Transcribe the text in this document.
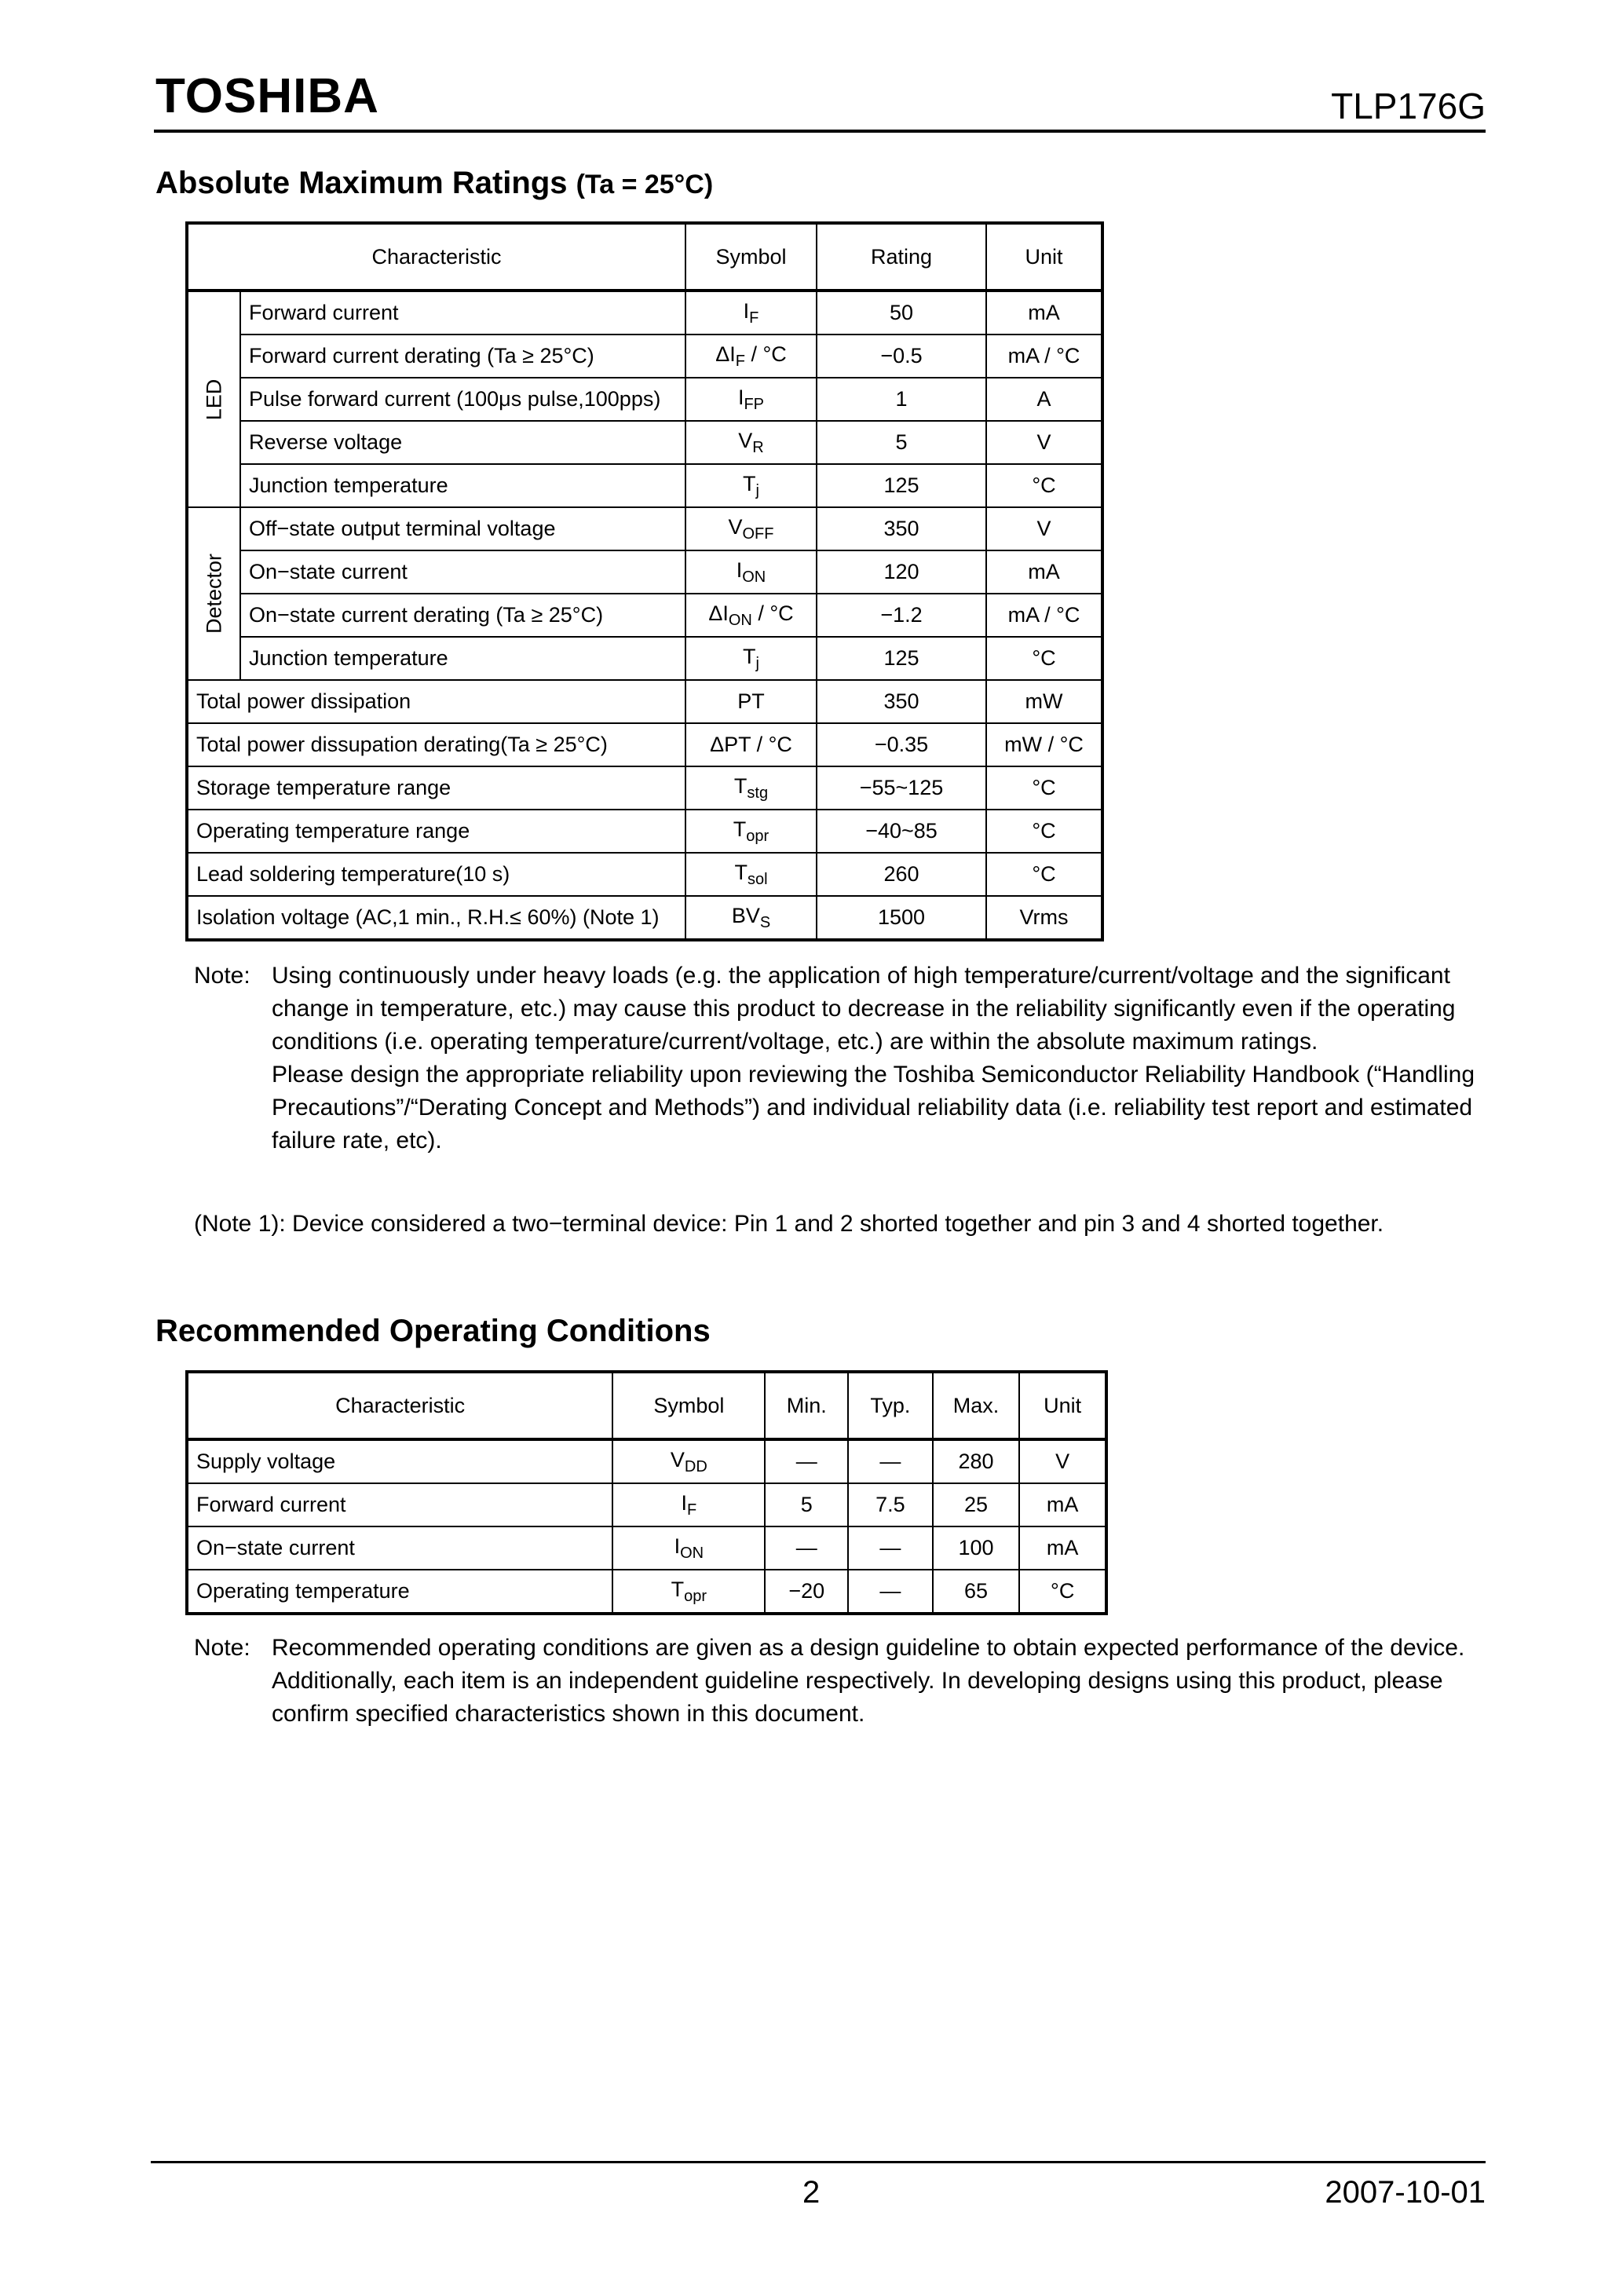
TOSHIBA	TLP176G
Absolute Maximum Ratings (Ta = 25°C)
Characteristic		Symbol	Rating	Unit

LED	Forward current	$I_F$	50	mA
	Forward current derating (Ta ≥ 25°C)	$\Delta I_F / ^\circ C$	−0.5	mA / °C
	Pulse forward current (100μs pulse,100pps)	$I_{FP}$	1	A
	Reverse voltage	$V_R$	5	V
	Junction temperature	$T_j$	125	°C

Detector	Off−state output terminal voltage	$V_{OFF}$	350	V
	On−state current	$I_{ON}$	120	mA
	On−state current derating (Ta ≥ 25°C)	$\Delta I_{ON} / ^\circ C$	−1.2	mA / °C
	Junction temperature	$T_j$	125	°C
Total power dissipation		PT	350	mW
Total power dissupation derating(Ta ≥ 25°C)		ΔPT / °C	−0.35	mW / °C
Storage temperature range		$T_{stg}$	−55~125	°C
Operating temperature range		$T_{opr}$	−40~85	°C
Lead soldering temperature(10 s)		$T_{sol}$	260	°C
Isolation voltage (AC,1 min., R.H.≤ 60%) (Note 1)		$BV_S$	1500	Vrms
Note: Using continuously under heavy loads (e.g. the application of high temperature/current/voltage and the significant change in temperature, etc.) may cause this product to decrease in the reliability significantly even if the operating conditions (i.e. operating temperature/current/voltage, etc.) are within the absolute maximum ratings.

Please design the appropriate reliability upon reviewing the Toshiba Semiconductor Reliability Handbook (“Handling Precautions”/“Derating Concept and Methods”) and individual reliability data (i.e. reliability test report and estimated failure rate, etc).

(Note 1): Device considered a two−terminal device: Pin 1 and 2 shorted together and pin 3 and 4 shorted together.
Recommended Operating Conditions
Characteristic	Symbol	Min.	Typ.	Max.	Unit
Supply voltage	$V_{DD}$	—	—	280	V
Forward current	$I_F$	5	7.5	25	mA
On−state current	$I_{ON}$	—	—	100	mA
Operating temperature	$T_{opr}$	−20	—	65	°C
Note: Recommended operating conditions are given as a design guideline to obtain expected performance of the device. Additionally, each item is an independent guideline respectively. In developing designs using this product, please confirm specified characteristics shown in this document.

2	2007-10-01
